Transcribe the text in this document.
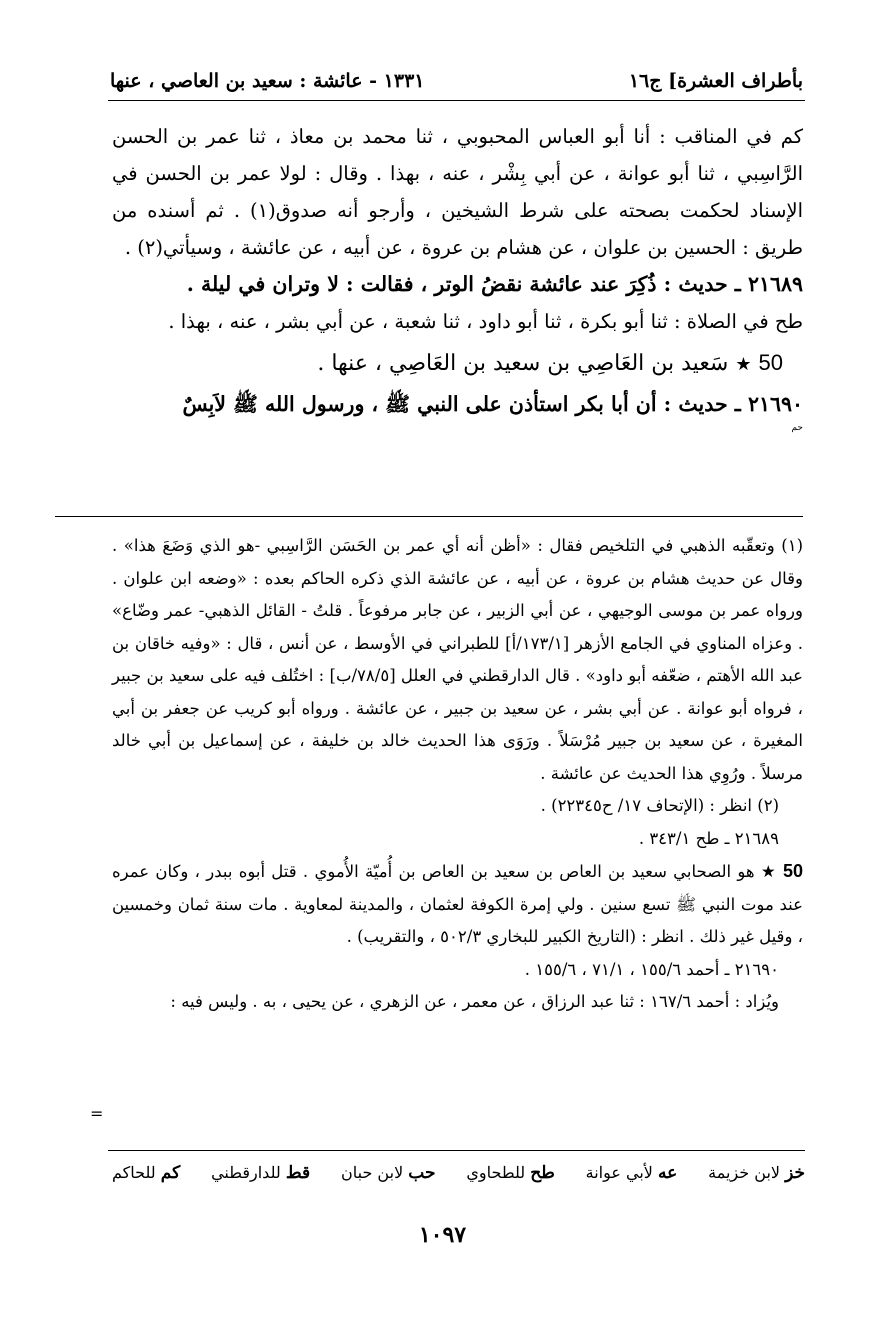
بأطراف العشرة] ج١٦
١٣٣١ - عائشة : سعيد بن العاصي ، عنها

كم في المناقب : أنا أبو العباس المحبوبي ، ثنا محمد بن معاذ ، ثنا عمر بن الحسن الرَّاسِبي ، ثنا أبو عوانة ، عن أبي بِشْر ، عنه ، بهذا . وقال : لولا عمر بن الحسن في الإسناد لحكمت بصحته على شرط الشيخين ، وأرجو أنه صدوق(١) . ثم أسنده من طريق : الحسين بن علوان ، عن هشام بن عروة ، عن أبيه ، عن عائشة ، وسيأتي(٢) .

٢١٦٨٩ ـ حديث : ذُكِرَ عند عائشة نقضُ الوتر ، فقالت : لا وتران في ليلة .

طح في الصلاة : ثنا أبو بكرة ، ثنا أبو داود ، ثنا شعبة ، عن أبي بشر ، عنه ، بهذا .

50 ★ سَعيد بن العَاصِي بن سعيد بن العَاصِي ، عنها .

٢١٦٩٠ ـ حديث : أن أبا بكر استأذن على النبي ﷺ ، ورسول الله ﷺ لاَبِسٌ

حم

(١) وتعقّبه الذهبي في التلخيص فقال : «أظن أنه أي عمر بن الحَسَن الرَّاسِبي -هو الذي وَضَعَ هذا» . وقال عن حديث هشام بن عروة ، عن أبيه ، عن عائشة الذي ذكره الحاكم بعده : «وضعه ابن علوان . ورواه عمر بن موسى الوجيهي ، عن أبي الزبير ، عن جابر مرفوعاً . قلتُ - القائل الذهبي- عمر وضّاع» . وعزاه المناوي في الجامع الأزهر [١٧٣/١/أ] للطبراني في الأوسط ، عن أنس ، قال : «وفيه خاقان بن عبد الله الأهتم ، ضعّفه أبو داود» . قال الدارقطني في العلل [٧٨/٥/ب] : اختُلف فيه على سعيد بن جبير ، فرواه أبو عوانة . عن أبي بشر ، عن سعيد بن جبير ، عن عائشة . ورواه أبو كريب عن جعفر بن أبي المغيرة ، عن سعيد بن جبير مُرْسَلاً . ورَوَى هذا الحديث خالد بن خليفة ، عن إسماعيل بن أبي خالد مرسلاً . ورُوِي هذا الحديث عن عائشة .

(٢) انظر : (الإتحاف ١٧/ ح٢٢٣٤٥) .

٢١٦٨٩ ـ طح ٣٤٣/١ .

50 ★ هو الصحابي سعيد بن العاص بن سعيد بن العاص بن أُميّة الأُموي . قتل أبوه ببدر ، وكان عمره عند موت النبي ﷺ تسع سنين . ولي إمرة الكوفة لعثمان ، والمدينة لمعاوية . مات سنة ثمان وخمسين ، وقيل غير ذلك . انظر : (التاريخ الكبير للبخاري ٥٠٢/٣ ، والتقريب) .

٢١٦٩٠ ـ أحمد ١٥٥/٦ ، ٧١/١ ، ١٥٥/٦ .

ويُزاد : أحمد ١٦٧/٦ : ثنا عبد الرزاق ، عن معمر ، عن الزهري ، عن يحيى ، به . وليس فيه :

=
خز لابن خزيمة
عه لأبي عوانة
طح للطحاوي
حب لابن حبان
قط للدارقطني
كم للحاكم
١٠٩٧
